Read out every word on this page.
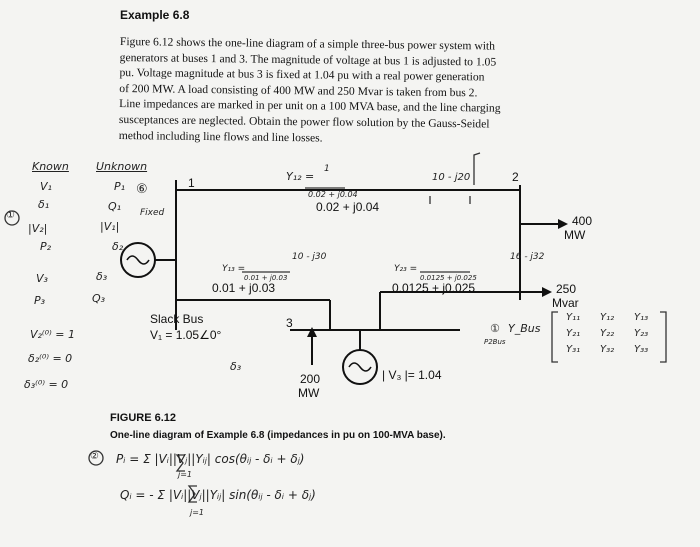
Example 6.8
Figure 6.12 shows the one-line diagram of a simple three-bus power system with
generators at buses 1 and 3. The magnitude of voltage at bus 1 is adjusted to 1.05
pu. Voltage magnitude at bus 3 is fixed at 1.04 pu with a real power generation
of 200 MW. A load consisting of 400 MW and 250 Mvar is taken from bus 2.
Line impedances are marked in per unit on a 100 MVA base, and the line charging
susceptances are neglected. Obtain the power flow solution by the Gauss-Seidel
method including line flows and line losses.
1	2
3
0.02 + j0.04
0.01 + j0.03	0.0125 + j0.025
400
MW
250
Mvar
Slack Bus
V₁ = 1.05∠0°
200
MW
| V₃ |= 1.04
FIGURE 6.12
One-line diagram of Example 6.8 (impedances in pu on 100-MVA base).
Known Unknown
V₁
δ₁
|V₂|
P₂
V₃
P₃
P₁
Q₁
|V₁|
δ₂
δ₃
Q₃
⑥
①	Fixed
Y₁₂ =
1
0.02 + j0.04
10 - j20
Y₁₃ =
0.01 + j0.03
10 - j30
Y₂₃ =
0.0125 + j0.025
16 - j32
V₂⁽⁰⁾ = 1
δ₂⁽⁰⁾ = 0
δ₃⁽⁰⁾ = 0
δ₃
① Y_Bus
P2Bus
Y₁₁ Y₁₂ Y₁₃
Y₂₁ Y₂₂ Y₂₃
Y₃₁ Y₃₂ Y₃₃
② Pᵢ = Σ |Vᵢ||Vⱼ||Yᵢⱼ| cos(θᵢⱼ - δᵢ + δⱼ)
j=1
Qᵢ = - Σ |Vᵢ||Vⱼ||Yᵢⱼ| sin(θᵢⱼ - δᵢ + δⱼ)
j=1
